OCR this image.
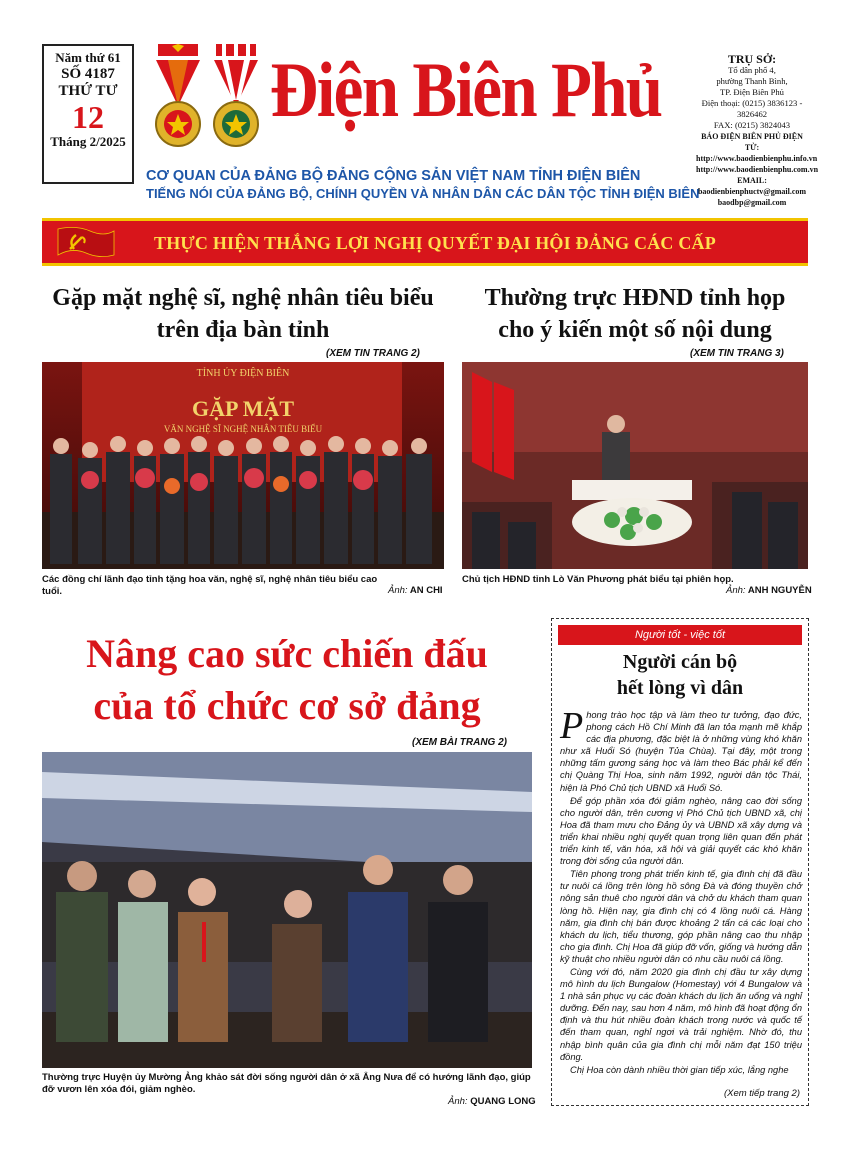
Năm thứ 61
SỐ 4187
THỨ TƯ
12
Tháng 2/2025
Điện Biên Phủ	TRỤ SỞ:
Tổ dân phố 4,
phường Thanh Bình,
TP. Điện Biên Phủ
Điện thoại: (0215) 3836123 - 3826462
FAX: (0215) 3824043
BÁO ĐIỆN BIÊN PHỦ ĐIỆN TỬ:
http://www.baodienbienphu.info.vn
http://www.baodienbienphu.com.vn
EMAIL: baodienbienphuctv@gmail.com
baodbp@gmail.com
CƠ QUAN CỦA ĐẢNG BỘ ĐẢNG CỘNG SẢN VIỆT NAM TỈNH ĐIỆN BIÊN
TIẾNG NÓI CỦA ĐẢNG BỘ, CHÍNH QUYỀN VÀ NHÂN DÂN CÁC DÂN TỘC TỈNH ĐIỆN BIÊN
THỰC HIỆN THẮNG LỢI NGHỊ QUYẾT ĐẠI HỘI ĐẢNG CÁC CẤP
Gặp mặt nghệ sĩ, nghệ nhân tiêu biểu
trên địa bàn tỉnh
(XEM TIN TRANG 2)
TỈNH ỦY ĐIỆN BIÊN
GẶP MẶT
VĂN NGHỆ SĨ NGHỆ NHÂN TIÊU BIỂU
Các đồng chí lãnh đạo tỉnh tặng hoa văn, nghệ sĩ, nghệ nhân tiêu biểu cao tuổi.	Ảnh: AN CHI
Thường trực HĐND tỉnh họp
cho ý kiến một số nội dung
(XEM TIN TRANG 3)
Chủ tịch HĐND tỉnh Lò Văn Phương phát biểu tại phiên họp.
Ảnh: ANH NGUYỄN
Nâng cao sức chiến đấu
của tổ chức cơ sở đảng
(XEM BÀI TRANG 2)
Thường trực Huyện ủy Mường Ảng khảo sát đời sống người dân ở xã Ẳng Nưa để có hướng lãnh đạo, giúp đỡ vươn lên xóa đói, giảm nghèo.
Ảnh: QUANG LONG
Người tốt - việc tốt
Người cán bộ
hết lòng vì dân

Phong trào học tập và làm theo tư tưởng, đạo đức, phong cách Hồ Chí Minh đã lan tỏa mạnh mẽ khắp các địa phương, đặc biệt là ở những vùng khó khăn như xã Huổi Só (huyện Tủa Chùa). Tại đây, một trong những tấm gương sáng học và làm theo Bác phải kể đến chị Quàng Thị Hoa, sinh năm 1992, người dân tộc Thái, hiện là Phó Chủ tịch UBND xã Huổi Só.

Để góp phần xóa đói giảm nghèo, nâng cao đời sống cho người dân, trên cương vị Phó Chủ tịch UBND xã, chị Hoa đã tham mưu cho Đảng ủy và UBND xã xây dựng và triển khai nhiều nghị quyết quan trọng liên quan đến phát triển kinh tế, văn hóa, xã hội và giải quyết các khó khăn trong đời sống của người dân.

Tiên phong trong phát triển kinh tế, gia đình chị đã đầu tư nuôi cá lồng trên lòng hồ sông Đà và đóng thuyền chở nông sản thuê cho người dân và chở du khách tham quan lòng hồ. Hiện nay, gia đình chị có 4 lồng nuôi cá. Hàng năm, gia đình chị bán được khoảng 2 tấn cá các loại cho khách du lịch, tiểu thương, góp phần nâng cao thu nhập cho gia đình. Chị Hoa đã giúp đỡ vốn, giống và hướng dẫn kỹ thuật cho nhiều người dân có nhu cầu nuôi cá lồng.

Cùng với đó, năm 2020 gia đình chị đầu tư xây dựng mô hình du lịch Bungalow (Homestay) với 4 Bungalow và 1 nhà sản phục vụ các đoàn khách du lịch ăn uống và nghỉ dưỡng. Đến nay, sau hơn 4 năm, mô hình đã hoạt động ổn định và thu hút nhiều đoàn khách trong nước và quốc tế đến tham quan, nghỉ ngơi và trải nghiệm. Nhờ đó, thu nhập bình quân của gia đình chị mỗi năm đạt 150 triệu đồng.

Chị Hoa còn dành nhiều thời gian tiếp xúc, lắng nghe

(Xem tiếp trang 2)
